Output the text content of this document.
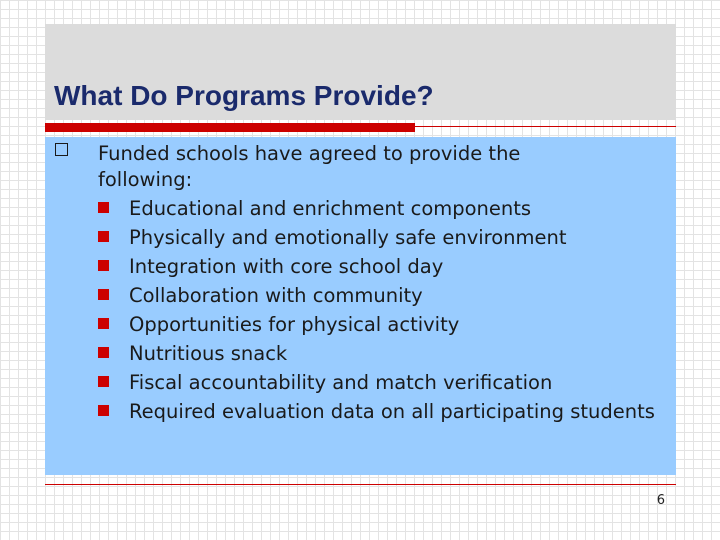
What Do Programs Provide?

Funded schools have agreed to provide the following:

Educational and enrichment components
Physically and emotionally safe environment
Integration with core school day
Collaboration with community
Opportunities for physical activity
Nutritious snack
Fiscal accountability and match verification
Required evaluation data on all participating students
6
